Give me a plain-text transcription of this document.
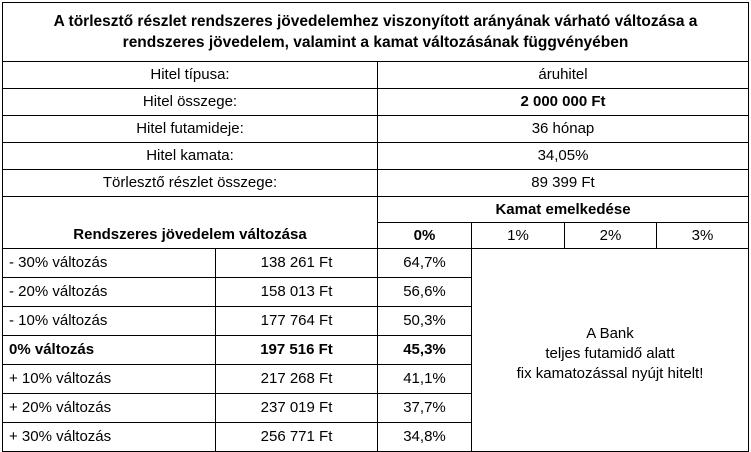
A törlesztő részlet rendszeres jövedelemhez viszonyított arányának várható változása a rendszeres jövedelem, valamint a kamat változásának függvényében					
Hitel típusa:		áruhitel			
Hitel összege:		2 000 000 Ft			
Hitel futamideje:		36 hónap			
Hitel kamata:		34,05%			
Törlesztő részlet összege:		89 399 Ft			
		Kamat emelkedése			
Rendszeres jövedelem változása		0%	1%	2%	3%
- 30% változás	138 261 Ft	64,7%	A Bank
teljes futamidő alatt
fix kamatozással nyújt hitelt!		
- 20% változás	158 013 Ft	56,6%			
- 10% változás	177 764 Ft	50,3%			
0% változás	197 516 Ft	45,3%			
+ 10% változás	217 268 Ft	41,1%			
+ 20% változás	237 019 Ft	37,7%			
+ 30% változás	256 771 Ft	34,8%			
